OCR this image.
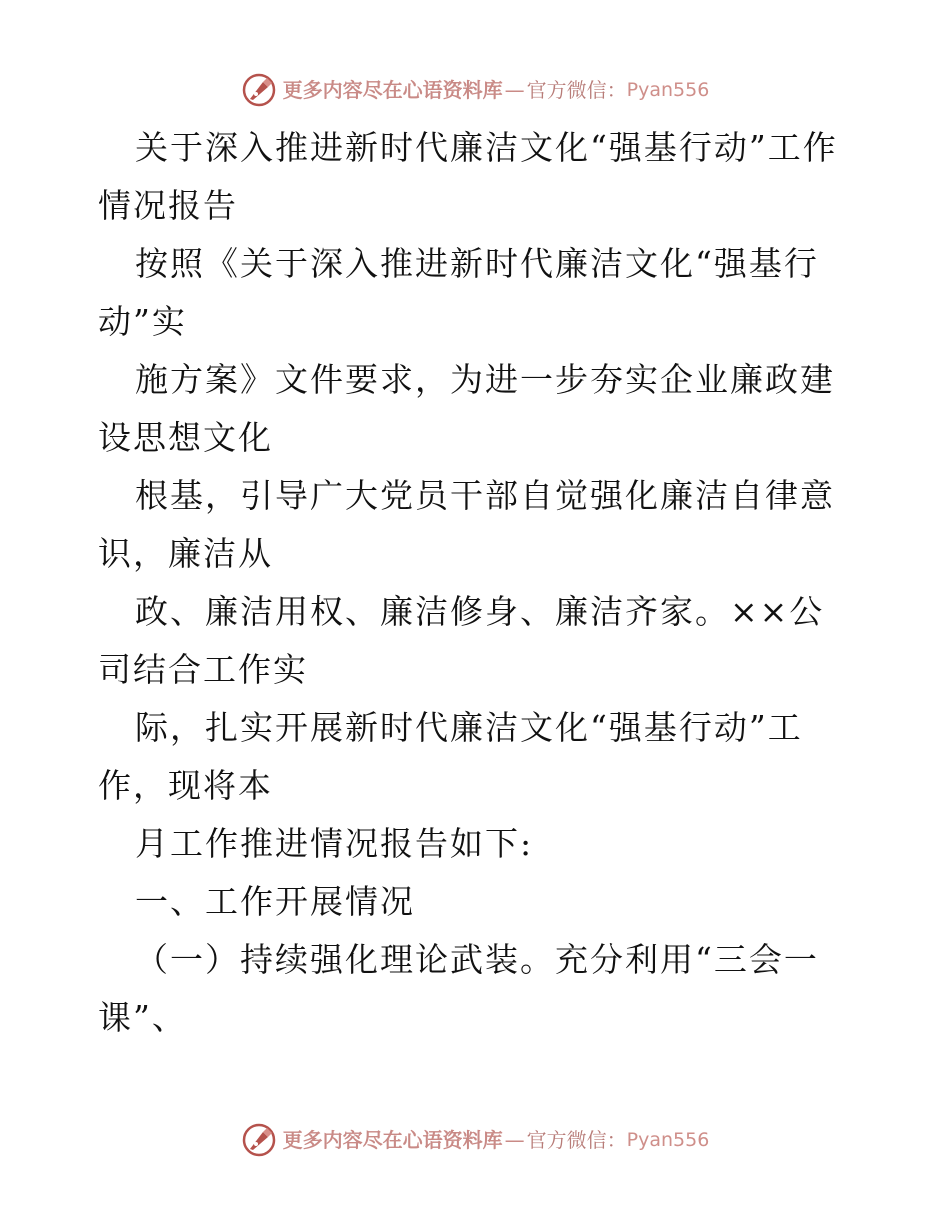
更多内容尽在心语资料库 — 官方微信： Pyan556

关于深入推进新时代廉洁文化“强基行动”工作情况报告

按照《关于深入推进新时代廉洁文化“强基行动”实

施方案》文件要求，为进一步夯实企业廉政建设思想文化

根基，引导广大党员干部自觉强化廉洁自律意识，廉洁从

政、廉洁用权、廉洁修身、廉洁齐家。××公司结合工作实

际，扎实开展新时代廉洁文化“强基行动”工作，现将本

月工作推进情况报告如下:

一、工作开展情况

（一）持续强化理论武装。充分利用“三会一课”、

更多内容尽在心语资料库 — 官方微信： Pyan556
